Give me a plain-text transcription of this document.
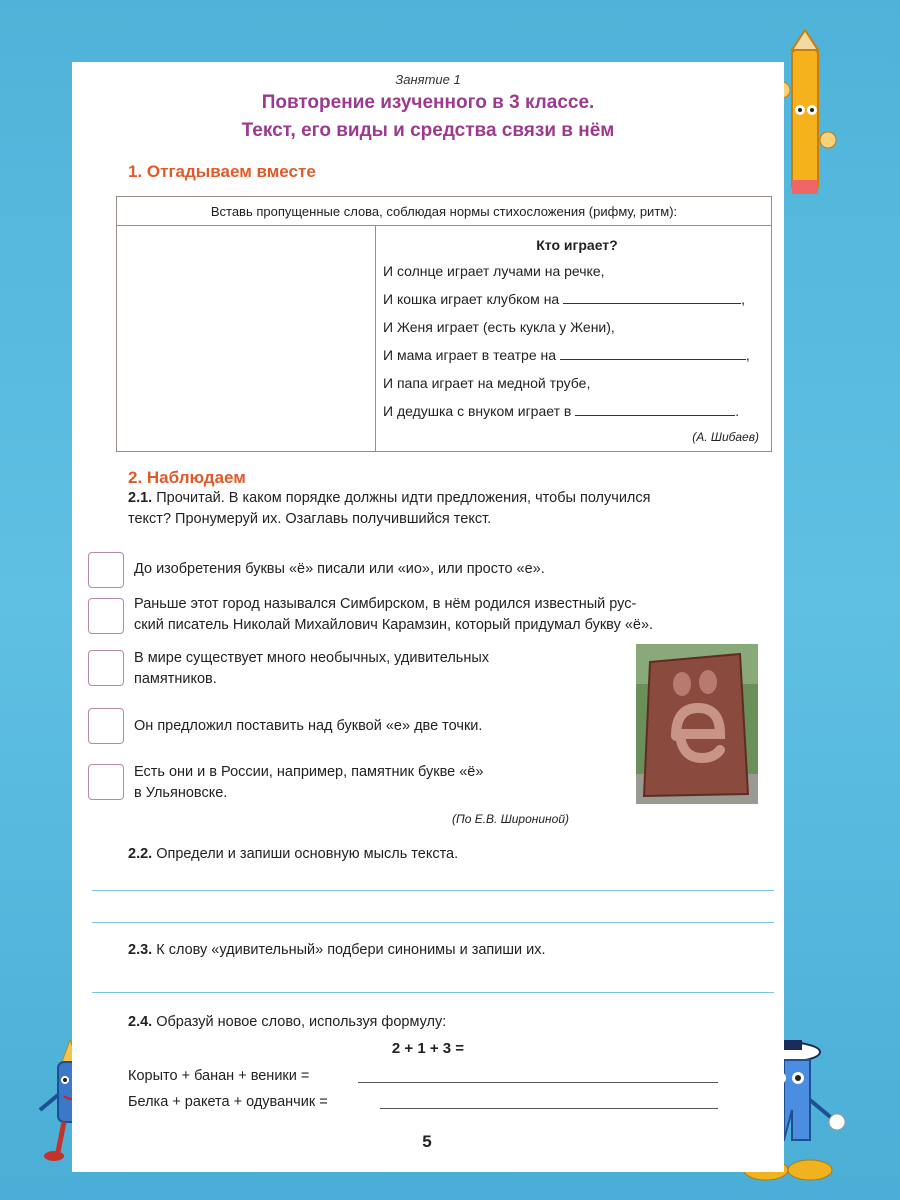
Занятие 1
Повторение изученного в 3 классе.
Текст, его виды и средства связи в нём
1. Отгадываем вместе
Вставь пропущенные слова, соблюдая нормы стихосложения (рифму, ритм):
Кто играет?
И солнце играет лучами на речке,
И кошка играет клубком на	,
И Женя играет (есть кукла у Жени),
И мама играет в театре на	,
И папа играет на медной трубе,
И дедушка с внуком играет в	.
(А. Шибаев)
2. Наблюдаем
2.1. Прочитай. В каком порядке должны идти предложения, чтобы получился
текст? Пронумеруй их. Озаглавь получившийся текст.
До изобретения буквы «ё» писали или «ио», или просто «е».
Раньше этот город назывался Симбирском, в нём родился известный рус-
ский писатель Николай Михайлович Карамзин, который придумал букву «ё».
В мире существует много необычных, удивительных
памятников.
Он предложил поставить над буквой «е» две точки.
Есть они и в России, например, памятник букве «ё»
в Ульяновске.
(По Е.В. Широниной)
2.2. Определи и запиши основную мысль текста.
2.3. К слову «удивительный» подбери синонимы и запиши их.
2.4. Образуй новое слово, используя формулу:
2 + 1 + 3 =
Корыто + банан + веники =
Белка + ракета + одуванчик =
5
